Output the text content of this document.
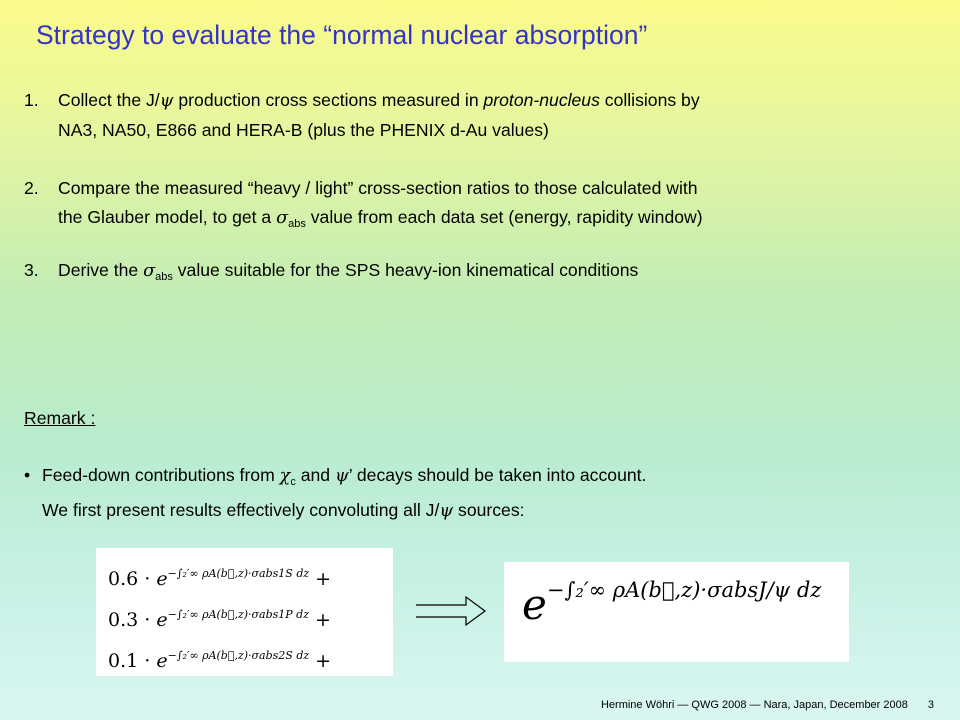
Strategy to evaluate the “normal nuclear absorption”
1. Collect the J/ψ production cross sections measured in proton-nucleus collisions by
NA3, NA50, E866 and HERA-B (plus the PHENIX d-Au values)
2. Compare the measured “heavy / light” cross-section ratios to those calculated with
the Glauber model, to get a $\sigma_{abs}$ value from each data set (energy, rapidity window)
3. Derive the $\sigma_{abs}$ value suitable for the SPS heavy-ion kinematical conditions
Remark :
• Feed-down contributions from $\chi_c$ and ψ’ decays should be taken into account.
We first present results effectively convoluting all J/ψ sources:
$0.6 \cdot e^{-\int_2'\infty \rho A(b⃗,z)\cdot\sigma abs1S dz}$ +
$0.3 \cdot e^{-\int_2'\infty \rho A(b⃗,z)\cdot\sigma abs1P dz}$ +
$0.1 \cdot e^{-\int_2'\infty \rho A(b⃗,z)\cdot\sigma abs2S dz}$ +
e−∫₂′∞ ρA(b⃗,z)·σabsJ/ψ dz
Hermine Wöhri — QWG 2008 — Nara, Japan, December 2008 3
